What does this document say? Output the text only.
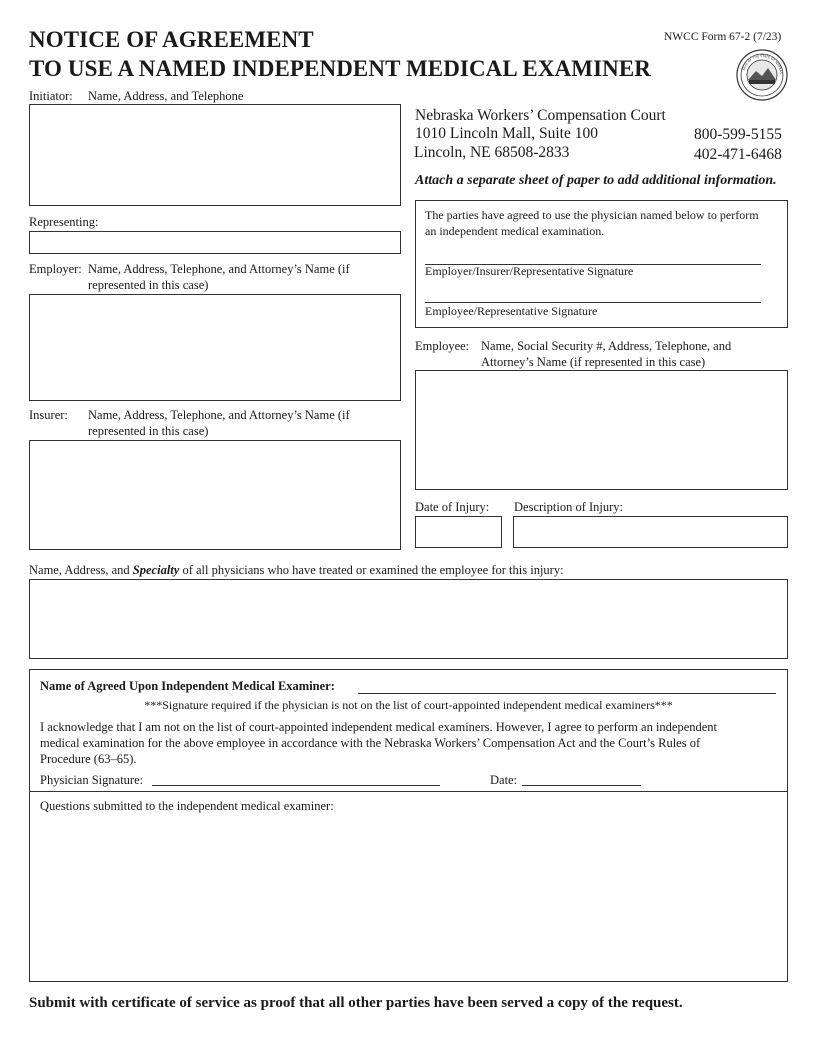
NWCC Form 67-2 (7/23)
NOTICE OF AGREEMENT
TO USE A NAMED INDEPENDENT MEDICAL EXAMINER	SEAL OF THE STATE OF NEBRAS
Initiator: Name, Address, and Telephone
Nebraska Workers’ Compensation Court
1010 Lincoln Mall, Suite 100
Lincoln, NE 68508-2833
800-599-5155
402-471-6468
Attach a separate sheet of paper to add additional information.
Representing:	The parties have agreed to use the physician named below to perform
an independent medical examination.
Employer/Insurer/Representative Signature
Employee/Representative Signature
Employer: Name, Address, Telephone, and Attorney’s Name (if
represented in this case)
Employee: Name, Social Security #, Address, Telephone, and
Attorney’s Name (if represented in this case)
Insurer: Name, Address, Telephone, and Attorney’s Name (if
represented in this case)
Date of Injury: Description of Injury:
Name, Address, and Specialty of all physicians who have treated or examined the employee for this injury:
Name of Agreed Upon Independent Medical Examiner:
***Signature required if the physician is not on the list of court-appointed independent medical examiners***
I acknowledge that I am not on the list of court-appointed independent medical examiners. However, I agree to perform an independent
medical examination for the above employee in accordance with the Nebraska Workers’ Compensation Act and the Court’s Rules of
Procedure (63–65).
Physician Signature:	Date:
Questions submitted to the independent medical examiner:
Submit with certificate of service as proof that all other parties have been served a copy of the request.
